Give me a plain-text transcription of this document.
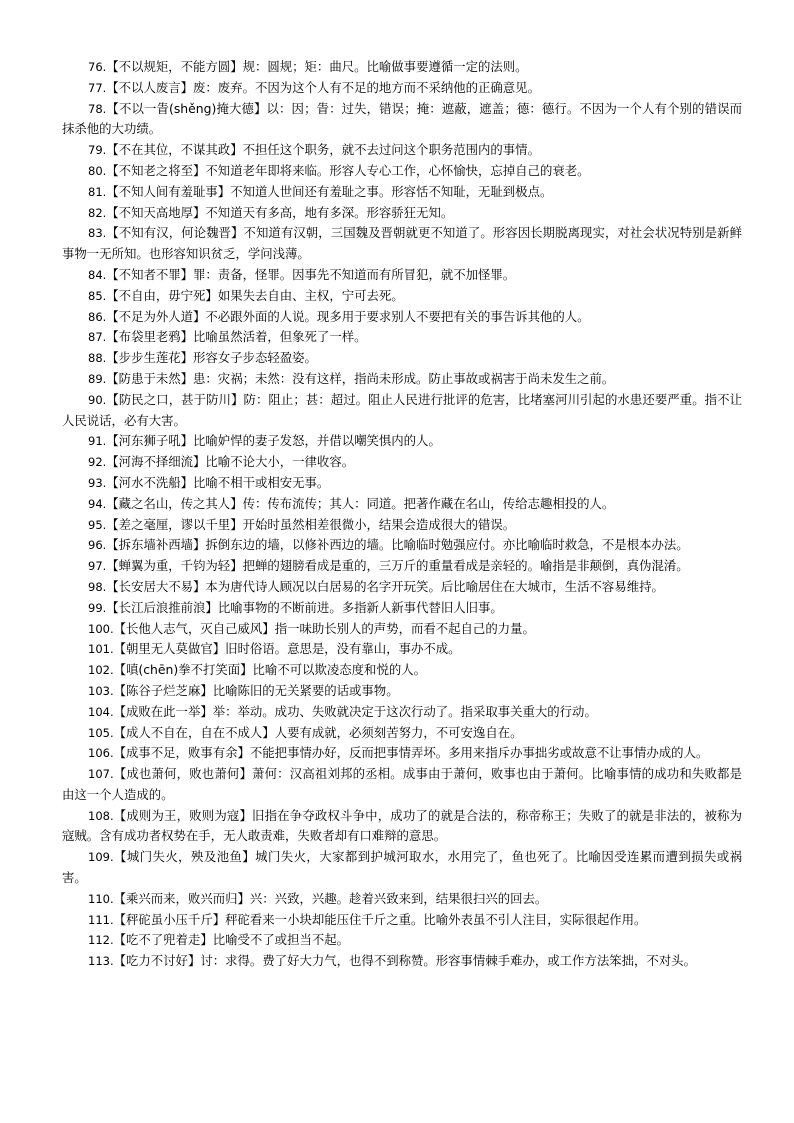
76.【不以规矩，不能方圆】规：圆规；矩：曲尺。比喻做事要遵循一定的法则。

77.【不以人废言】废：废弃。不因为这个人有不足的地方而不采纳他的正确意见。

78.【不以一眚(shěng)掩大德】以：因；眚：过失，错误；掩：遮蔽，遮盖；德：德行。不因为一个人有个别的错误而抹杀他的大功绩。

79.【不在其位，不谋其政】不担任这个职务，就不去过问这个职务范围内的事情。

80.【不知老之将至】不知道老年即将来临。形容人专心工作，心怀愉快，忘掉自己的衰老。

81.【不知人间有羞耻事】不知道人世间还有羞耻之事。形容恬不知耻，无耻到极点。

82.【不知天高地厚】不知道天有多高，地有多深。形容骄狂无知。

83.【不知有汉，何论魏晋】不知道有汉朝，三国魏及晋朝就更不知道了。形容因长期脱离现实，对社会状况特别是新鲜事物一无所知。也形容知识贫乏，学问浅薄。

84.【不知者不罪】罪：责备，怪罪。因事先不知道而有所冒犯，就不加怪罪。

85.【不自由，毋宁死】如果失去自由、主权，宁可去死。

86.【不足为外人道】不必跟外面的人说。现多用于要求别人不要把有关的事告诉其他的人。

87.【布袋里老鸦】比喻虽然活着，但象死了一样。

88.【步步生莲花】形容女子步态轻盈姿。

89.【防患于未然】患：灾祸；未然：没有这样，指尚未形成。防止事故或祸害于尚未发生之前。

90.【防民之口，甚于防川】防：阻止；甚：超过。阻止人民进行批评的危害，比堵塞河川引起的水患还要严重。指不让人民说话，必有大害。

91.【河东狮子吼】比喻妒悍的妻子发怒，并借以嘲笑惧内的人。

92.【河海不择细流】比喻不论大小，一律收容。

93.【河水不洗船】比喻不相干或相安无事。

94.【藏之名山，传之其人】传：传布流传；其人：同道。把著作藏在名山，传给志趣相投的人。

95.【差之毫厘，谬以千里】开始时虽然相差很微小，结果会造成很大的错误。

96.【拆东墙补西墙】拆倒东边的墙，以修补西边的墙。比喻临时勉强应付。亦比喻临时救急，不是根本办法。

97.【蝉翼为重，千钧为轻】把蝉的翅膀看成是重的，三万斤的重量看成是亲轻的。喻指是非颠倒，真伪混淆。

98.【长安居大不易】本为唐代诗人顾况以白居易的名字开玩笑。后比喻居住在大城市，生活不容易维持。

99.【长江后浪推前浪】比喻事物的不断前进。多指新人新事代替旧人旧事。

100.【长他人志气，灭自己威风】指一味助长别人的声势，而看不起自己的力量。

101.【朝里无人莫做官】旧时俗语。意思是，没有靠山，事办不成。

102.【嗔(chēn)拳不打笑面】比喻不可以欺凌态度和悦的人。

103.【陈谷子烂芝麻】比喻陈旧的无关紧要的话或事物。

104.【成败在此一举】举：举动。成功、失败就决定于这次行动了。指采取事关重大的行动。

105.【成人不自在，自在不成人】人要有成就，必须刻苦努力，不可安逸自在。

106.【成事不足，败事有余】不能把事情办好，反而把事情弄坏。多用来指斥办事拙劣或故意不让事情办成的人。

107.【成也萧何，败也萧何】萧何：汉高祖刘邦的丞相。成事由于萧何，败事也由于萧何。比喻事情的成功和失败都是由这一个人造成的。

108.【成则为王，败则为寇】旧指在争夺政权斗争中，成功了的就是合法的，称帝称王；失败了的就是非法的，被称为寇贼。含有成功者权势在手，无人敢责难，失败者却有口难辩的意思。

109.【城门失火，殃及池鱼】城门失火，大家都到护城河取水，水用完了，鱼也死了。比喻因受连累而遭到损失或祸害。

110.【乘兴而来，败兴而归】兴：兴致，兴趣。趁着兴致来到，结果很扫兴的回去。

111.【秤砣虽小压千斤】秤砣看来一小块却能压住千斤之重。比喻外表虽不引人注目，实际很起作用。

112.【吃不了兜着走】比喻受不了或担当不起。

113.【吃力不讨好】讨：求得。费了好大力气，也得不到称赞。形容事情棘手难办，或工作方法笨拙，不对头。
